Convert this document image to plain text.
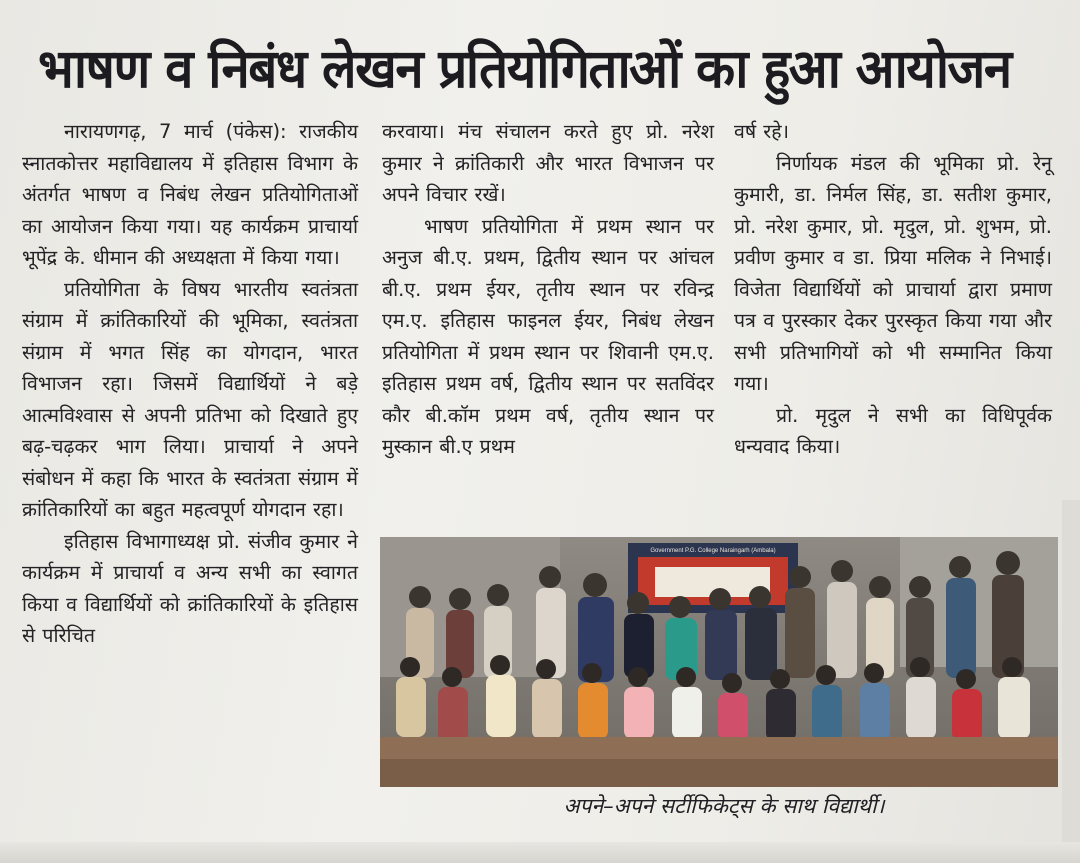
भाषण व निबंध लेखन प्रतियोगिताओं का हुआ आयोजन

नारायणगढ़, 7 मार्च (पंकेस): राजकीय स्नातकोत्तर महाविद्यालय में इतिहास विभाग के अंतर्गत भाषण व निबंध लेखन प्रतियोगिताओं का आयोजन किया गया। यह कार्यक्रम प्राचार्या भूपेंद्र के. धीमान की अध्यक्षता में किया गया।

प्रतियोगिता के विषय भारतीय स्वतंत्रता संग्राम में क्रांतिकारियों की भूमिका, स्वतंत्रता संग्राम में भगत सिंह का योगदान, भारत विभाजन रहा। जिसमें विद्यार्थियों ने बड़े आत्मविश्वास से अपनी प्रतिभा को दिखाते हुए बढ़-चढ़कर भाग लिया। प्राचार्या ने अपने संबोधन में कहा कि भारत के स्वतंत्रता संग्राम में क्रांतिकारियों का बहुत महत्वपूर्ण योगदान रहा।

इतिहास विभागाध्यक्ष प्रो. संजीव कुमार ने कार्यक्रम में प्राचार्या व अन्य सभी का स्वागत किया व विद्यार्थियों को क्रांतिकारियों के इतिहास से परिचित

करवाया। मंच संचालन करते हुए प्रो. नरेश कुमार ने क्रांतिकारी और भारत विभाजन पर अपने विचार रखें।

भाषण प्रतियोगिता में प्रथम स्थान पर अनुज बी.ए. प्रथम, द्वितीय स्थान पर आंचल बी.ए. प्रथम ईयर, तृतीय स्थान पर रविन्द्र एम.ए. इतिहास फाइनल ईयर, निबंध लेखन प्रतियोगिता में प्रथम स्थान पर शिवानी एम.ए. इतिहास प्रथम वर्ष, द्वितीय स्थान पर सतविंदर कौर बी.कॉम प्रथम वर्ष, तृतीय स्थान पर मुस्कान बी.ए प्रथम

वर्ष रहे।

निर्णायक मंडल की भूमिका प्रो. रेनू कुमारी, डा. निर्मल सिंह, डा. सतीश कुमार, प्रो. नरेश कुमार, प्रो. मृदुल, प्रो. शुभम, प्रो. प्रवीण कुमार व डा. प्रिया मलिक ने निभाई। विजेता विद्यार्थियों को प्राचार्या द्वारा प्रमाण पत्र व पुरस्कार देकर पुरस्कृत किया गया और सभी प्रतिभागियों को भी सम्मानित किया गया।

प्रो. मृदुल ने सभी का विधिपूर्वक धन्यवाद किया।

Government P.G. College Naraingarh (Ambala)
अपने–अपने सर्टीफिकेट्स के साथ विद्यार्थी।
